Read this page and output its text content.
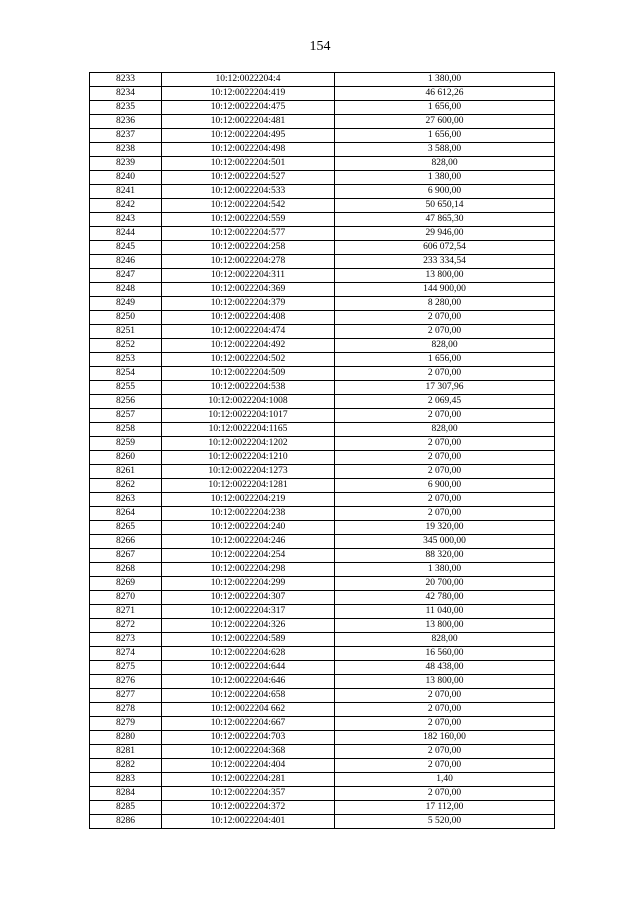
154
8233	10:12:0022204:4	1 380,00
8234	10:12:0022204:419	46 612,26
8235	10:12:0022204:475	1 656,00
8236	10:12:0022204:481	27 600,00
8237	10:12:0022204:495	1 656,00
8238	10:12:0022204:498	3 588,00
8239	10:12:0022204:501	828,00
8240	10:12:0022204:527	1 380,00
8241	10:12:0022204:533	6 900,00
8242	10:12:0022204:542	50 650,14
8243	10:12:0022204:559	47 865,30
8244	10:12:0022204:577	29 946,00
8245	10:12:0022204:258	606 072,54
8246	10:12:0022204:278	233 334,54
8247	10:12:0022204:311	13 800,00
8248	10:12:0022204:369	144 900,00
8249	10:12:0022204:379	8 280,00
8250	10:12:0022204:408	2 070,00
8251	10:12:0022204:474	2 070,00
8252	10:12:0022204:492	828,00
8253	10:12:0022204:502	1 656,00
8254	10:12:0022204:509	2 070,00
8255	10:12:0022204:538	17 307,96
8256	10:12:0022204:1008	2 069,45
8257	10:12:0022204:1017	2 070,00
8258	10:12:0022204:1165	828,00
8259	10:12:0022204:1202	2 070,00
8260	10:12:0022204:1210	2 070,00
8261	10:12:0022204:1273	2 070,00
8262	10:12:0022204:1281	6 900,00
8263	10:12:0022204:219	2 070,00
8264	10:12:0022204:238	2 070,00
8265	10:12:0022204:240	19 320,00
8266	10:12:0022204:246	345 000,00
8267	10:12:0022204:254	88 320,00
8268	10:12:0022204:298	1 380,00
8269	10:12:0022204:299	20 700,00
8270	10:12:0022204:307	42 780,00
8271	10:12:0022204:317	11 040,00
8272	10:12:0022204:326	13 800,00
8273	10:12:0022204:589	828,00
8274	10:12:0022204:628	16 560,00
8275	10:12:0022204:644	48 438,00
8276	10:12:0022204:646	13 800,00
8277	10:12:0022204:658	2 070,00
8278	10:12:0022204 662	2 070,00
8279	10:12:0022204:667	2 070,00
8280	10:12:0022204:703	182 160,00
8281	10:12:0022204:368	2 070,00
8282	10:12:0022204:404	2 070,00
8283	10:12:0022204:281	1,40
8284	10:12:0022204:357	2 070,00
8285	10:12:0022204:372	17 112,00
8286	10:12:0022204:401	5 520,00
